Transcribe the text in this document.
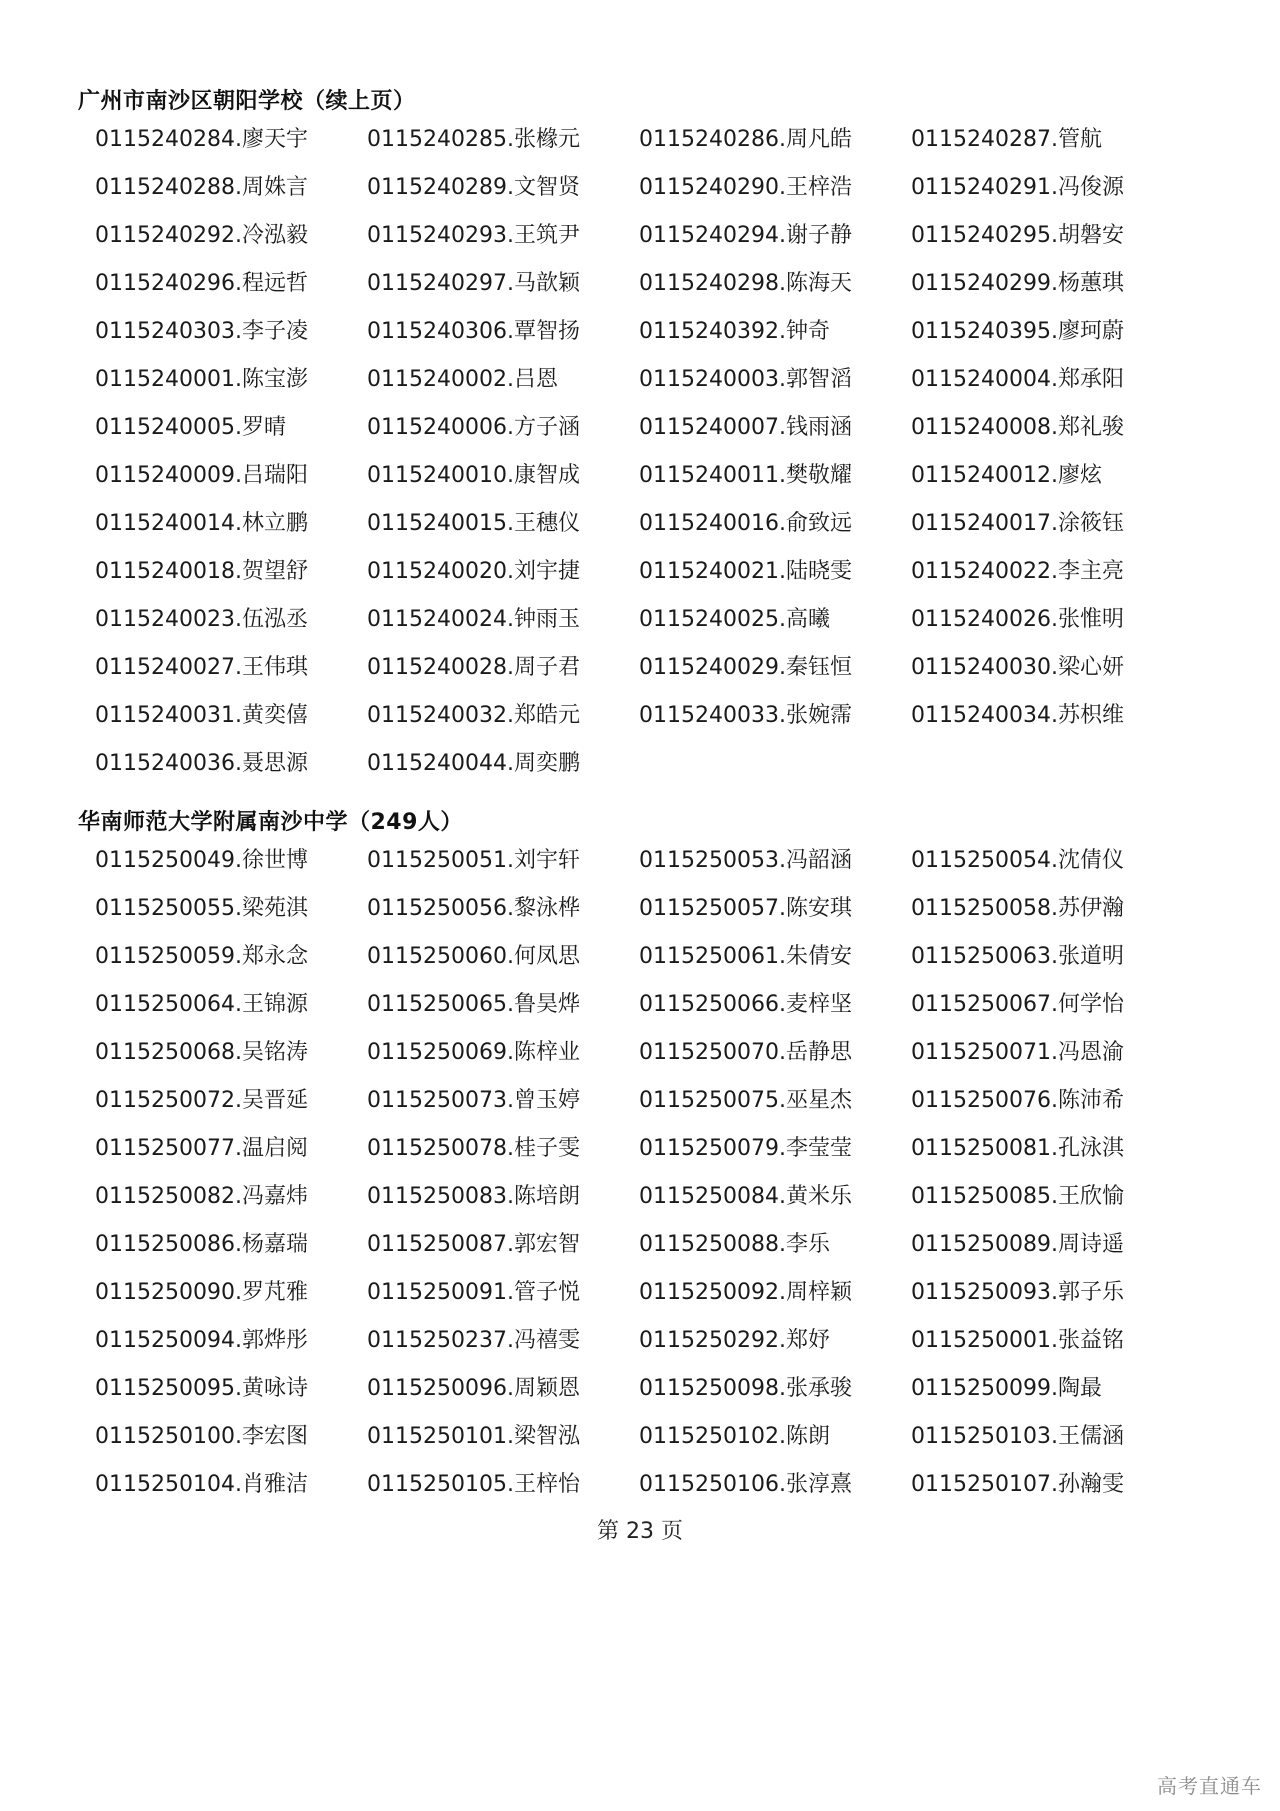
广州市南沙区朝阳学校（续上页）
0115240284.廖天宇	0115240285.张橼元	0115240286.周凡皓	0115240287.管航
0115240288.周姝言	0115240289.文智贤	0115240290.王梓浩	0115240291.冯俊源
0115240292.冷泓毅	0115240293.王筑尹	0115240294.谢子静	0115240295.胡磐安
0115240296.程远哲	0115240297.马歆颖	0115240298.陈海天	0115240299.杨蕙琪
0115240303.李子凌	0115240306.覃智扬	0115240392.钟奇	0115240395.廖珂蔚
0115240001.陈宝澎	0115240002.吕恩	0115240003.郭智滔	0115240004.郑承阳
0115240005.罗晴	0115240006.方子涵	0115240007.钱雨涵	0115240008.郑礼骏
0115240009.吕瑞阳	0115240010.康智成	0115240011.樊敬耀	0115240012.廖炫
0115240014.林立鹏	0115240015.王穗仪	0115240016.俞致远	0115240017.涂筱钰
0115240018.贺望舒	0115240020.刘宇捷	0115240021.陆晓雯	0115240022.李主亮
0115240023.伍泓丞	0115240024.钟雨玉	0115240025.高曦	0115240026.张惟明
0115240027.王伟琪	0115240028.周子君	0115240029.秦钰恒	0115240030.梁心妍
0115240031.黄奕僖	0115240032.郑皓元	0115240033.张婉霈	0115240034.苏枳维
0115240036.聂思源	0115240044.周奕鹏
华南师范大学附属南沙中学（249人）
0115250049.徐世博	0115250051.刘宇轩	0115250053.冯韶涵	0115250054.沈倩仪
0115250055.梁苑淇	0115250056.黎泳桦	0115250057.陈安琪	0115250058.苏伊瀚
0115250059.郑永念	0115250060.何凤思	0115250061.朱倩安	0115250063.张道明
0115250064.王锦源	0115250065.鲁昊烨	0115250066.麦梓坚	0115250067.何学怡
0115250068.吴铭涛	0115250069.陈梓业	0115250070.岳静思	0115250071.冯恩渝
0115250072.吴晋延	0115250073.曾玉婷	0115250075.巫星杰	0115250076.陈沛希
0115250077.温启阅	0115250078.桂子雯	0115250079.李莹莹	0115250081.孔泳淇
0115250082.冯嘉炜	0115250083.陈培朗	0115250084.黄米乐	0115250085.王欣愉
0115250086.杨嘉瑞	0115250087.郭宏智	0115250088.李乐	0115250089.周诗遥
0115250090.罗芃雅	0115250091.管子悦	0115250092.周梓颖	0115250093.郭子乐
0115250094.郭烨彤	0115250237.冯禧雯	0115250292.郑妤	0115250001.张益铭
0115250095.黄咏诗	0115250096.周颖恩	0115250098.张承骏	0115250099.陶最
0115250100.李宏图	0115250101.梁智泓	0115250102.陈朗	0115250103.王儒涵
0115250104.肖雅洁	0115250105.王梓怡	0115250106.张淳熹	0115250107.孙瀚雯
第 23 页
高考直通车
